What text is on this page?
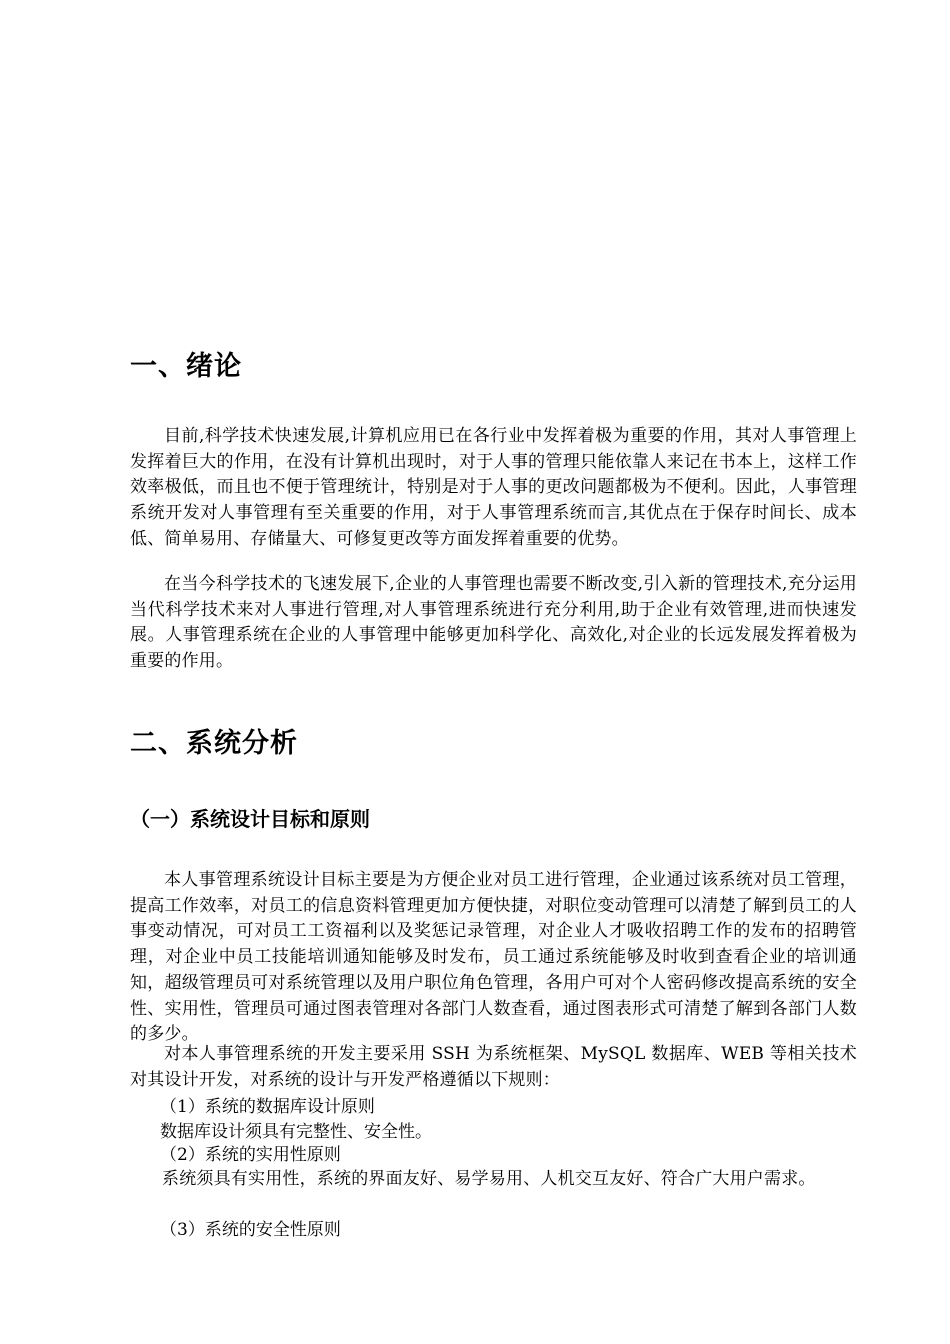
一、绪论

目前,科学技术快速发展,计算机应用已在各行业中发挥着极为重要的作用，其对人事管理上发挥着巨大的作用，在没有计算机出现时，对于人事的管理只能依靠人来记在书本上，这样工作效率极低，而且也不便于管理统计，特别是对于人事的更改问题都极为不便利。因此，人事管理系统开发对人事管理有至关重要的作用，对于人事管理系统而言,其优点在于保存时间长、成本低、简单易用、存储量大、可修复更改等方面发挥着重要的优势。

在当今科学技术的飞速发展下,企业的人事管理也需要不断改变,引入新的管理技术,充分运用当代科学技术来对人事进行管理,对人事管理系统进行充分利用,助于企业有效管理,进而快速发展。人事管理系统在企业的人事管理中能够更加科学化、高效化,对企业的长远发展发挥着极为重要的作用。

二、系统分析
（一）系统设计目标和原则

本人事管理系统设计目标主要是为方便企业对员工进行管理，企业通过该系统对员工管理，提高工作效率，对员工的信息资料管理更加方便快捷，对职位变动管理可以清楚了解到员工的人事变动情况，可对员工工资福利以及奖惩记录管理，对企业人才吸收招聘工作的发布的招聘管理，对企业中员工技能培训通知能够及时发布，员工通过系统能够及时收到查看企业的培训通知，超级管理员可对系统管理以及用户职位角色管理，各用户可对个人密码修改提高系统的安全性、实用性，管理员可通过图表管理对各部门人数查看，通过图表形式可清楚了解到各部门人数的多少。

对本人事管理系统的开发主要采用 SSH 为系统框架、MySQL 数据库、WEB 等相关技术对其设计开发，对系统的设计与开发严格遵循以下规则：

（1）系统的数据库设计原则

数据库设计须具有完整性、安全性。

（2）系统的实用性原则

系统须具有实用性，系统的界面友好、易学易用、人机交互友好、符合广大用户需求。

（3）系统的安全性原则
